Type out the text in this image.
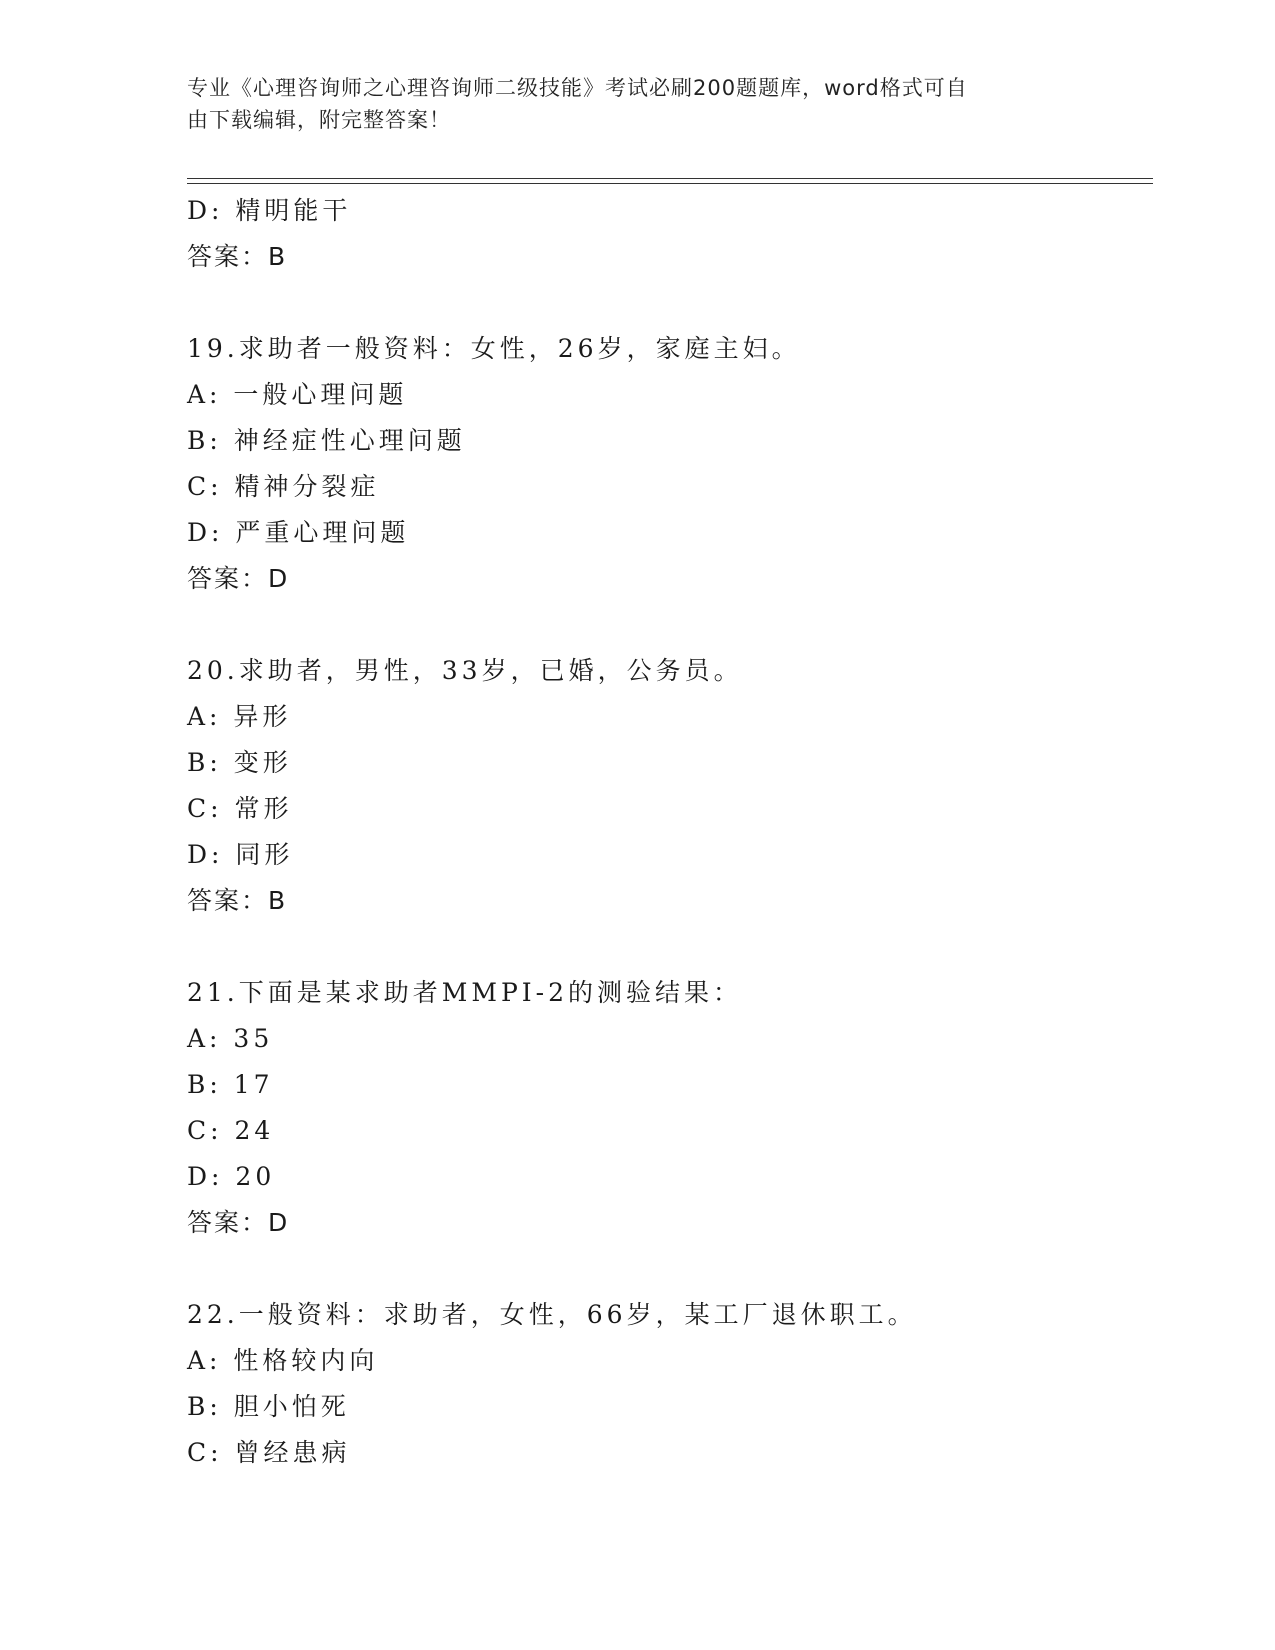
专业《心理咨询师之心理咨询师二级技能》考试必刷200题题库，word格式可自
由下载编辑，附完整答案！
D: 精明能干
答案：B
19.求助者一般资料：女性，26岁，家庭主妇。
A: 一般心理问题
B: 神经症性心理问题
C: 精神分裂症
D: 严重心理问题
答案：D
20.求助者，男性，33岁，已婚，公务员。
A: 异形
B: 变形
C: 常形
D: 同形
答案：B
21.下面是某求助者MMPI-2的测验结果：
A: 35
B: 17
C: 24
D: 20
答案：D
22.一般资料：求助者，女性，66岁，某工厂退休职工。
A: 性格较内向
B: 胆小怕死
C: 曾经患病
